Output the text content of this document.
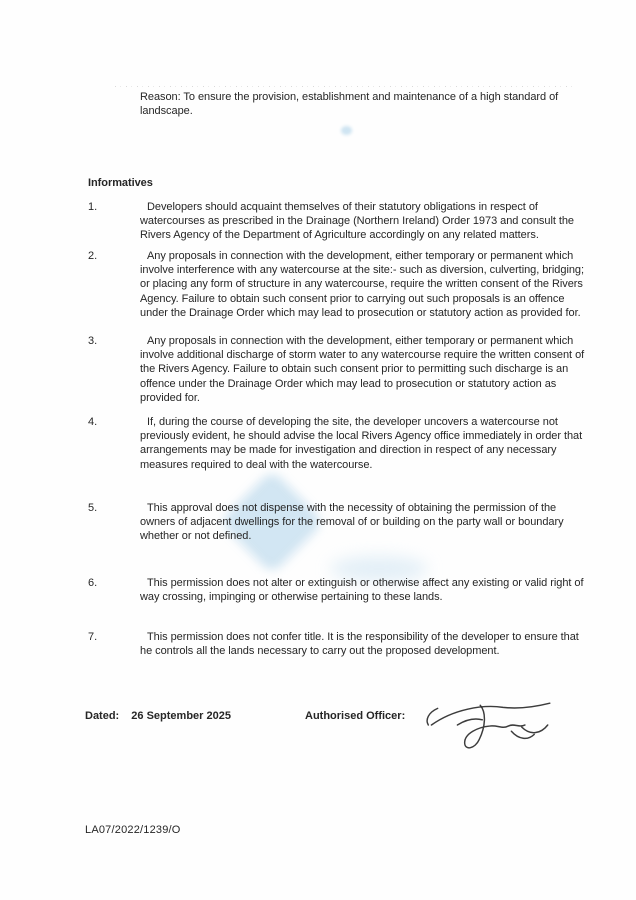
Reason: To ensure the provision, establishment and maintenance of a high standard of landscape.
Informatives
1.	Developers should acquaint themselves of their statutory obligations in respect of watercourses as prescribed in the Drainage (Northern Ireland) Order 1973 and consult the Rivers Agency of the Department of Agriculture accordingly on any related matters.

2.	Any proposals in connection with the development, either temporary or permanent which involve interference with any watercourse at the site:- such as diversion, culverting, bridging; or placing any form of structure in any watercourse, require the written consent of the Rivers Agency. Failure to obtain such consent prior to carrying out such proposals is an offence under the Drainage Order which may lead to prosecution or statutory action as provided for.

3.	Any proposals in connection with the development, either temporary or permanent which involve additional discharge of storm water to any watercourse require the written consent of the Rivers Agency. Failure to obtain such consent prior to permitting such discharge is an offence under the Drainage Order which may lead to prosecution or statutory action as provided for.

4.	If, during the course of developing the site, the developer uncovers a watercourse not previously evident, he should advise the local Rivers Agency office immediately in order that arrangements may be made for investigation and direction in respect of any necessary measures required to deal with the watercourse.

5.	This approval does not dispense with the necessity of obtaining the permission of the owners of adjacent dwellings for the removal of or building on the party wall or boundary whether or not defined.

6.	This permission does not alter or extinguish or otherwise affect any existing or valid right of way crossing, impinging or otherwise pertaining to these lands.

7.	This permission does not confer title. It is the responsibility of the developer to ensure that he controls all the lands necessary to carry out the proposed development.

Dated: 26 September 2025	Authorised Officer:
LA07/2022/1239/O
